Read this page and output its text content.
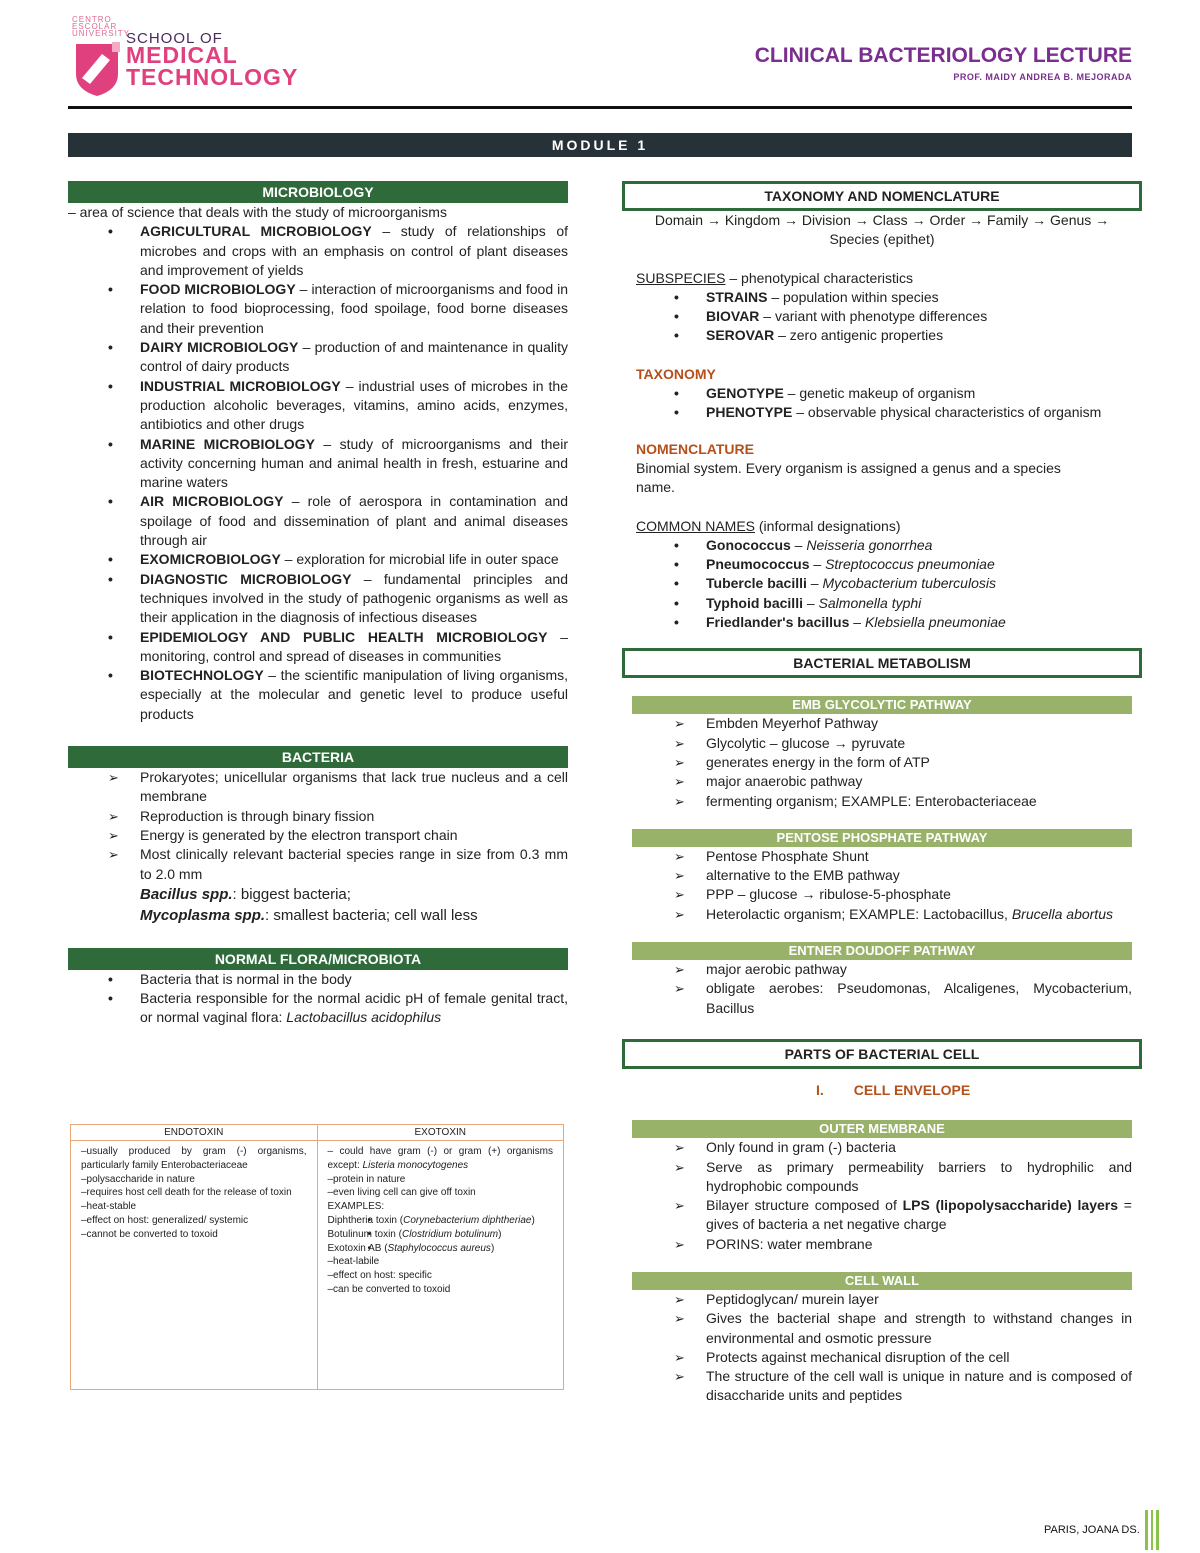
CENTRO ESCOLAR UNIVERSITY
SCHOOL OF
MEDICAL
TECHNOLOGY
CLINICAL BACTERIOLOGY LECTURE
PROF. MAIDY ANDREA B. MEJORADA
MODULE 1
MICROBIOLOGY
– area of science that deals with the study of microorganisms
• AGRICULTURAL MICROBIOLOGY – study of relationships of microbes and crops with an emphasis on control of plant diseases and improvement of yields
• FOOD MICROBIOLOGY – interaction of microorganisms and food in relation to food bioprocessing, food spoilage, food borne diseases and their prevention
• DAIRY MICROBIOLOGY – production of and maintenance in quality control of dairy products
• INDUSTRIAL MICROBIOLOGY – industrial uses of microbes in the production alcoholic beverages, vitamins, amino acids, enzymes, antibiotics and other drugs
• MARINE MICROBIOLOGY – study of microorganisms and their activity concerning human and animal health in fresh, estuarine and marine waters
• AIR MICROBIOLOGY – role of aerospora in contamination and spoilage of food and dissemination of plant and animal diseases through air
• EXOMICROBIOLOGY – exploration for microbial life in outer space
• DIAGNOSTIC MICROBIOLOGY – fundamental principles and techniques involved in the study of pathogenic organisms as well as their application in the diagnosis of infectious diseases
• EPIDEMIOLOGY AND PUBLIC HEALTH MICROBIOLOGY – monitoring, control and spread of diseases in communities
• BIOTECHNOLOGY – the scientific manipulation of living organisms, especially at the molecular and genetic level to produce useful products
BACTERIA
➢ Prokaryotes; unicellular organisms that lack true nucleus and a cell membrane
➢ Reproduction is through binary fission
➢ Energy is generated by the electron transport chain
➢ Most clinically relevant bacterial species range in size from 0.3 mm to 2.0 mm
Bacillus spp.: biggest bacteria;
Mycoplasma spp.: smallest bacteria; cell wall less
NORMAL FLORA/MICROBIOTA
• Bacteria that is normal in the body
• Bacteria responsible for the normal acidic pH of female genital tract, or normal vaginal flora: Lactobacillus acidophilus
ENDOTOXIN
–usually produced by gram (-) organisms, particularly family Enterobacteriaceae
–polysaccharide in nature
–requires host cell death for the release of toxin
–heat-stable
–effect on host: generalized/ systemic
–cannot be converted to toxoid
EXOTOXIN
– could have gram (-) or gram (+) organisms except: Listeria monocytogenes
–protein in nature
–even living cell can give off toxin
EXAMPLES:
• Diphtheria toxin (Corynebacterium diphtheriae)
• Botulinum toxin (Clostridium botulinum)
• Exotoxin AB (Staphylococcus aureus)
–heat-labile
–effect on host: specific
–can be converted to toxoid
TAXONOMY AND NOMENCLATURE
Domain → Kingdom → Division → Class → Order → Family → Genus → Species (epithet)
SUBSPECIES – phenotypical characteristics
• STRAINS – population within species
• BIOVAR – variant with phenotype differences
• SEROVAR – zero antigenic properties
TAXONOMY
• GENOTYPE – genetic makeup of organism
• PHENOTYPE – observable physical characteristics of organism
NOMENCLATURE
Binomial system. Every organism is assigned a genus and a species name.
COMMON NAMES (informal designations)
• Gonococcus – Neisseria gonorrhea
• Pneumococcus – Streptococcus pneumoniae
• Tubercle bacilli – Mycobacterium tuberculosis
• Typhoid bacilli – Salmonella typhi
• Friedlander's bacillus – Klebsiella pneumoniae
BACTERIAL METABOLISM
EMB GLYCOLYTIC PATHWAY
➢ Embden Meyerhof Pathway
➢ Glycolytic – glucose → pyruvate
➢ generates energy in the form of ATP
➢ major anaerobic pathway
➢ fermenting organism; EXAMPLE: Enterobacteriaceae
PENTOSE PHOSPHATE PATHWAY
➢ Pentose Phosphate Shunt
➢ alternative to the EMB pathway
➢ PPP – glucose → ribulose-5-phosphate
➢ Heterolactic organism; EXAMPLE: Lactobacillus, Brucella abortus
ENTNER DOUDOFF PATHWAY
➢ major aerobic pathway
➢ obligate aerobes: Pseudomonas, Alcaligenes, Mycobacterium, Bacillus
PARTS OF BACTERIAL CELL
I. CELL ENVELOPE
OUTER MEMBRANE
➢ Only found in gram (-) bacteria
➢ Serve as primary permeability barriers to hydrophilic and hydrophobic compounds
➢ Bilayer structure composed of LPS (lipopolysaccharide) layers = gives of bacteria a net negative charge
➢ PORINS: water membrane
CELL WALL
➢ Peptidoglycan/ murein layer
➢ Gives the bacterial shape and strength to withstand changes in environmental and osmotic pressure
➢ Protects against mechanical disruption of the cell
➢ The structure of the cell wall is unique in nature and is composed of disaccharide units and peptides
PARIS, JOANA DS.
